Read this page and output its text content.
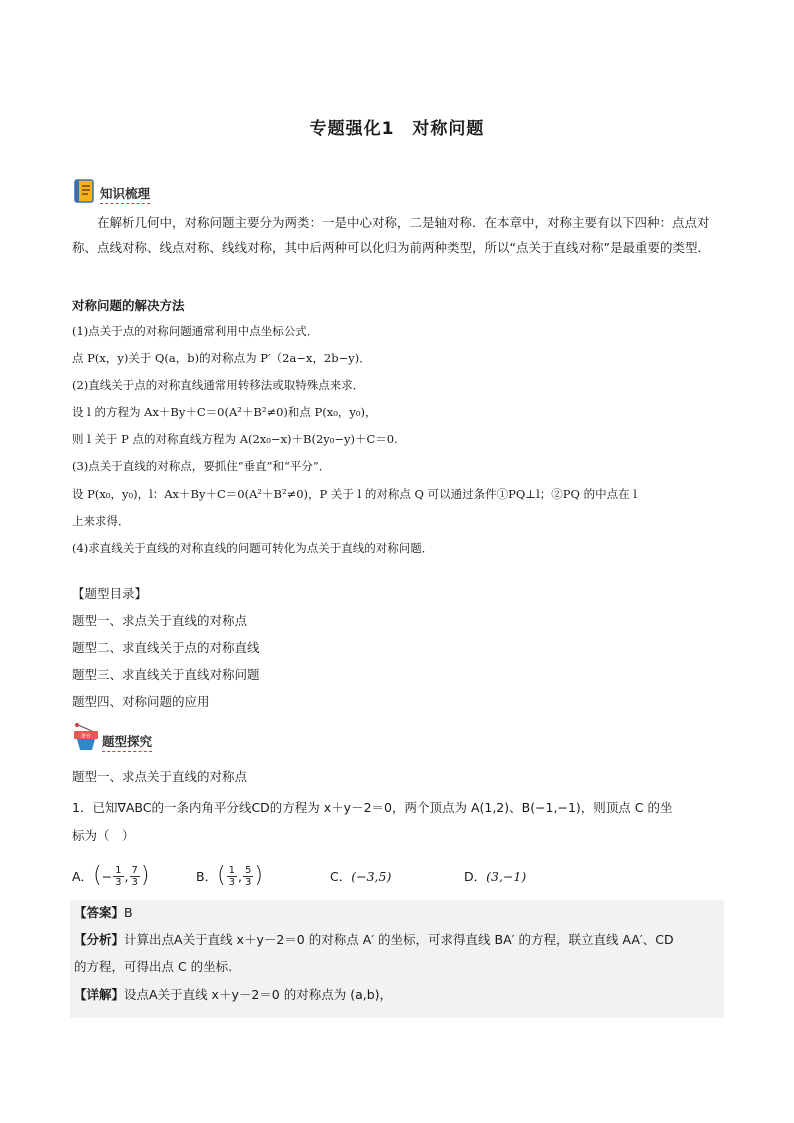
专题强化1　对称问题
知识梳理
在解析几何中，对称问题主要分为两类：一是中心对称，二是轴对称．在本章中，对称主要有以下四种：点点对称、点线对称、线点对称、线线对称，其中后两种可以化归为前两种类型，所以“点关于直线对称”是最重要的类型．
对称问题的解决方法
(1)点关于点的对称问题通常利用中点坐标公式．
点 P(x，y)关于 Q(a，b)的对称点为 P′（2a−x，2b−y)．
(2)直线关于点的对称直线通常用转移法或取特殊点来求．
设 l 的方程为 Ax＋By＋C＝0(A²＋B²≠0)和点 P(x₀，y₀)，
则 l 关于 P 点的对称直线方程为 A(2x₀−x)＋B(2y₀−y)＋C＝0.
(3)点关于直线的对称点，要抓住“垂直”和“平分”．
设 P(x₀，y₀)，l：Ax＋By＋C＝0(A²＋B²≠0)，P 关于 l 的对称点 Q 可以通过条件①PQ⊥l；②PQ 的中点在 l
上来求得．
(4)求直线关于直线的对称直线的问题可转化为点关于直线的对称问题．
【题型目录】
题型一、求点关于直线的对称点
题型二、求直线关于点的对称直线
题型三、求直线关于直线对称问题
题型四、对称问题的应用
讲台 题型探究
题型一、求点关于直线的对称点
1．已知∇ABC的一条内角平分线CD的方程为 x＋y－2＝0，两个顶点为 A(1,2)、B(−1,−1)，则顶点 C 的坐
标为（　）
A． ( − $\frac{1}{3}$ , $\frac{7}{3}$ )	B． ( $\frac{1}{3}$ , $\frac{5}{3}$ )	C． (−3,5)	D． (3,−1)
【答案】B
【分析】计算出点A关于直线 x＋y－2＝0 的对称点 A′ 的坐标，可求得直线 BA′ 的方程，联立直线 AA′、CD
的方程，可得出点 C 的坐标.
【详解】设点A关于直线 x＋y－2＝0 的对称点为 (a,b)，
